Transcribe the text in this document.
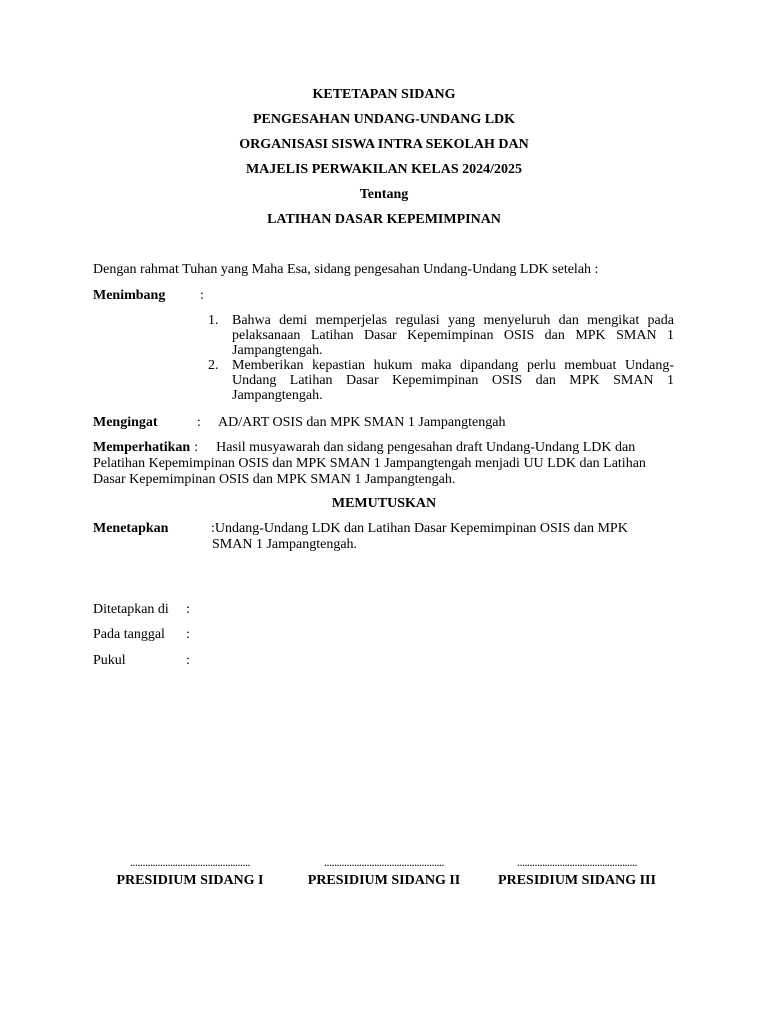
KETETAPAN SIDANG
PENGESAHAN UNDANG-UNDANG LDK
ORGANISASI SISWA INTRA SEKOLAH DAN
MAJELIS PERWAKILAN KELAS 2024/2025
Tentang
LATIHAN DASAR KEPEMIMPINAN
Dengan rahmat Tuhan yang Maha Esa, sidang pengesahan Undang-Undang LDK setelah :
Menimbang :
1. Bahwa demi memperjelas regulasi yang menyeluruh dan mengikat pada pelaksanaan Latihan Dasar Kepemimpinan OSIS dan MPK SMAN 1 Jampangtengah.
2. Memberikan kepastian hukum maka dipandang perlu membuat Undang-Undang Latihan Dasar Kepemimpinan OSIS dan MPK SMAN 1 Jampangtengah.
Mengingat	: AD/ART OSIS dan MPK SMAN 1 Jampangtengah
Memperhatikan : Hasil musyawarah dan sidang pengesahan draft Undang-Undang LDK dan Pelatihan Kepemimpinan OSIS dan MPK SMAN 1 Jampangtengah menjadi UU LDK dan Latihan Dasar Kepemimpinan OSIS dan MPK SMAN 1 Jampangtengah.
MEMUTUSKAN
Menetapkan	:Undang-Undang LDK dan Latihan Dasar Kepemimpinan OSIS dan MPK
SMAN 1 Jampangtengah.
Ditetapkan di :
Pada tanggal :
Pukul	:
................................................
PRESIDIUM SIDANG I
................................................
PRESIDIUM SIDANG II
................................................
PRESIDIUM SIDANG III
